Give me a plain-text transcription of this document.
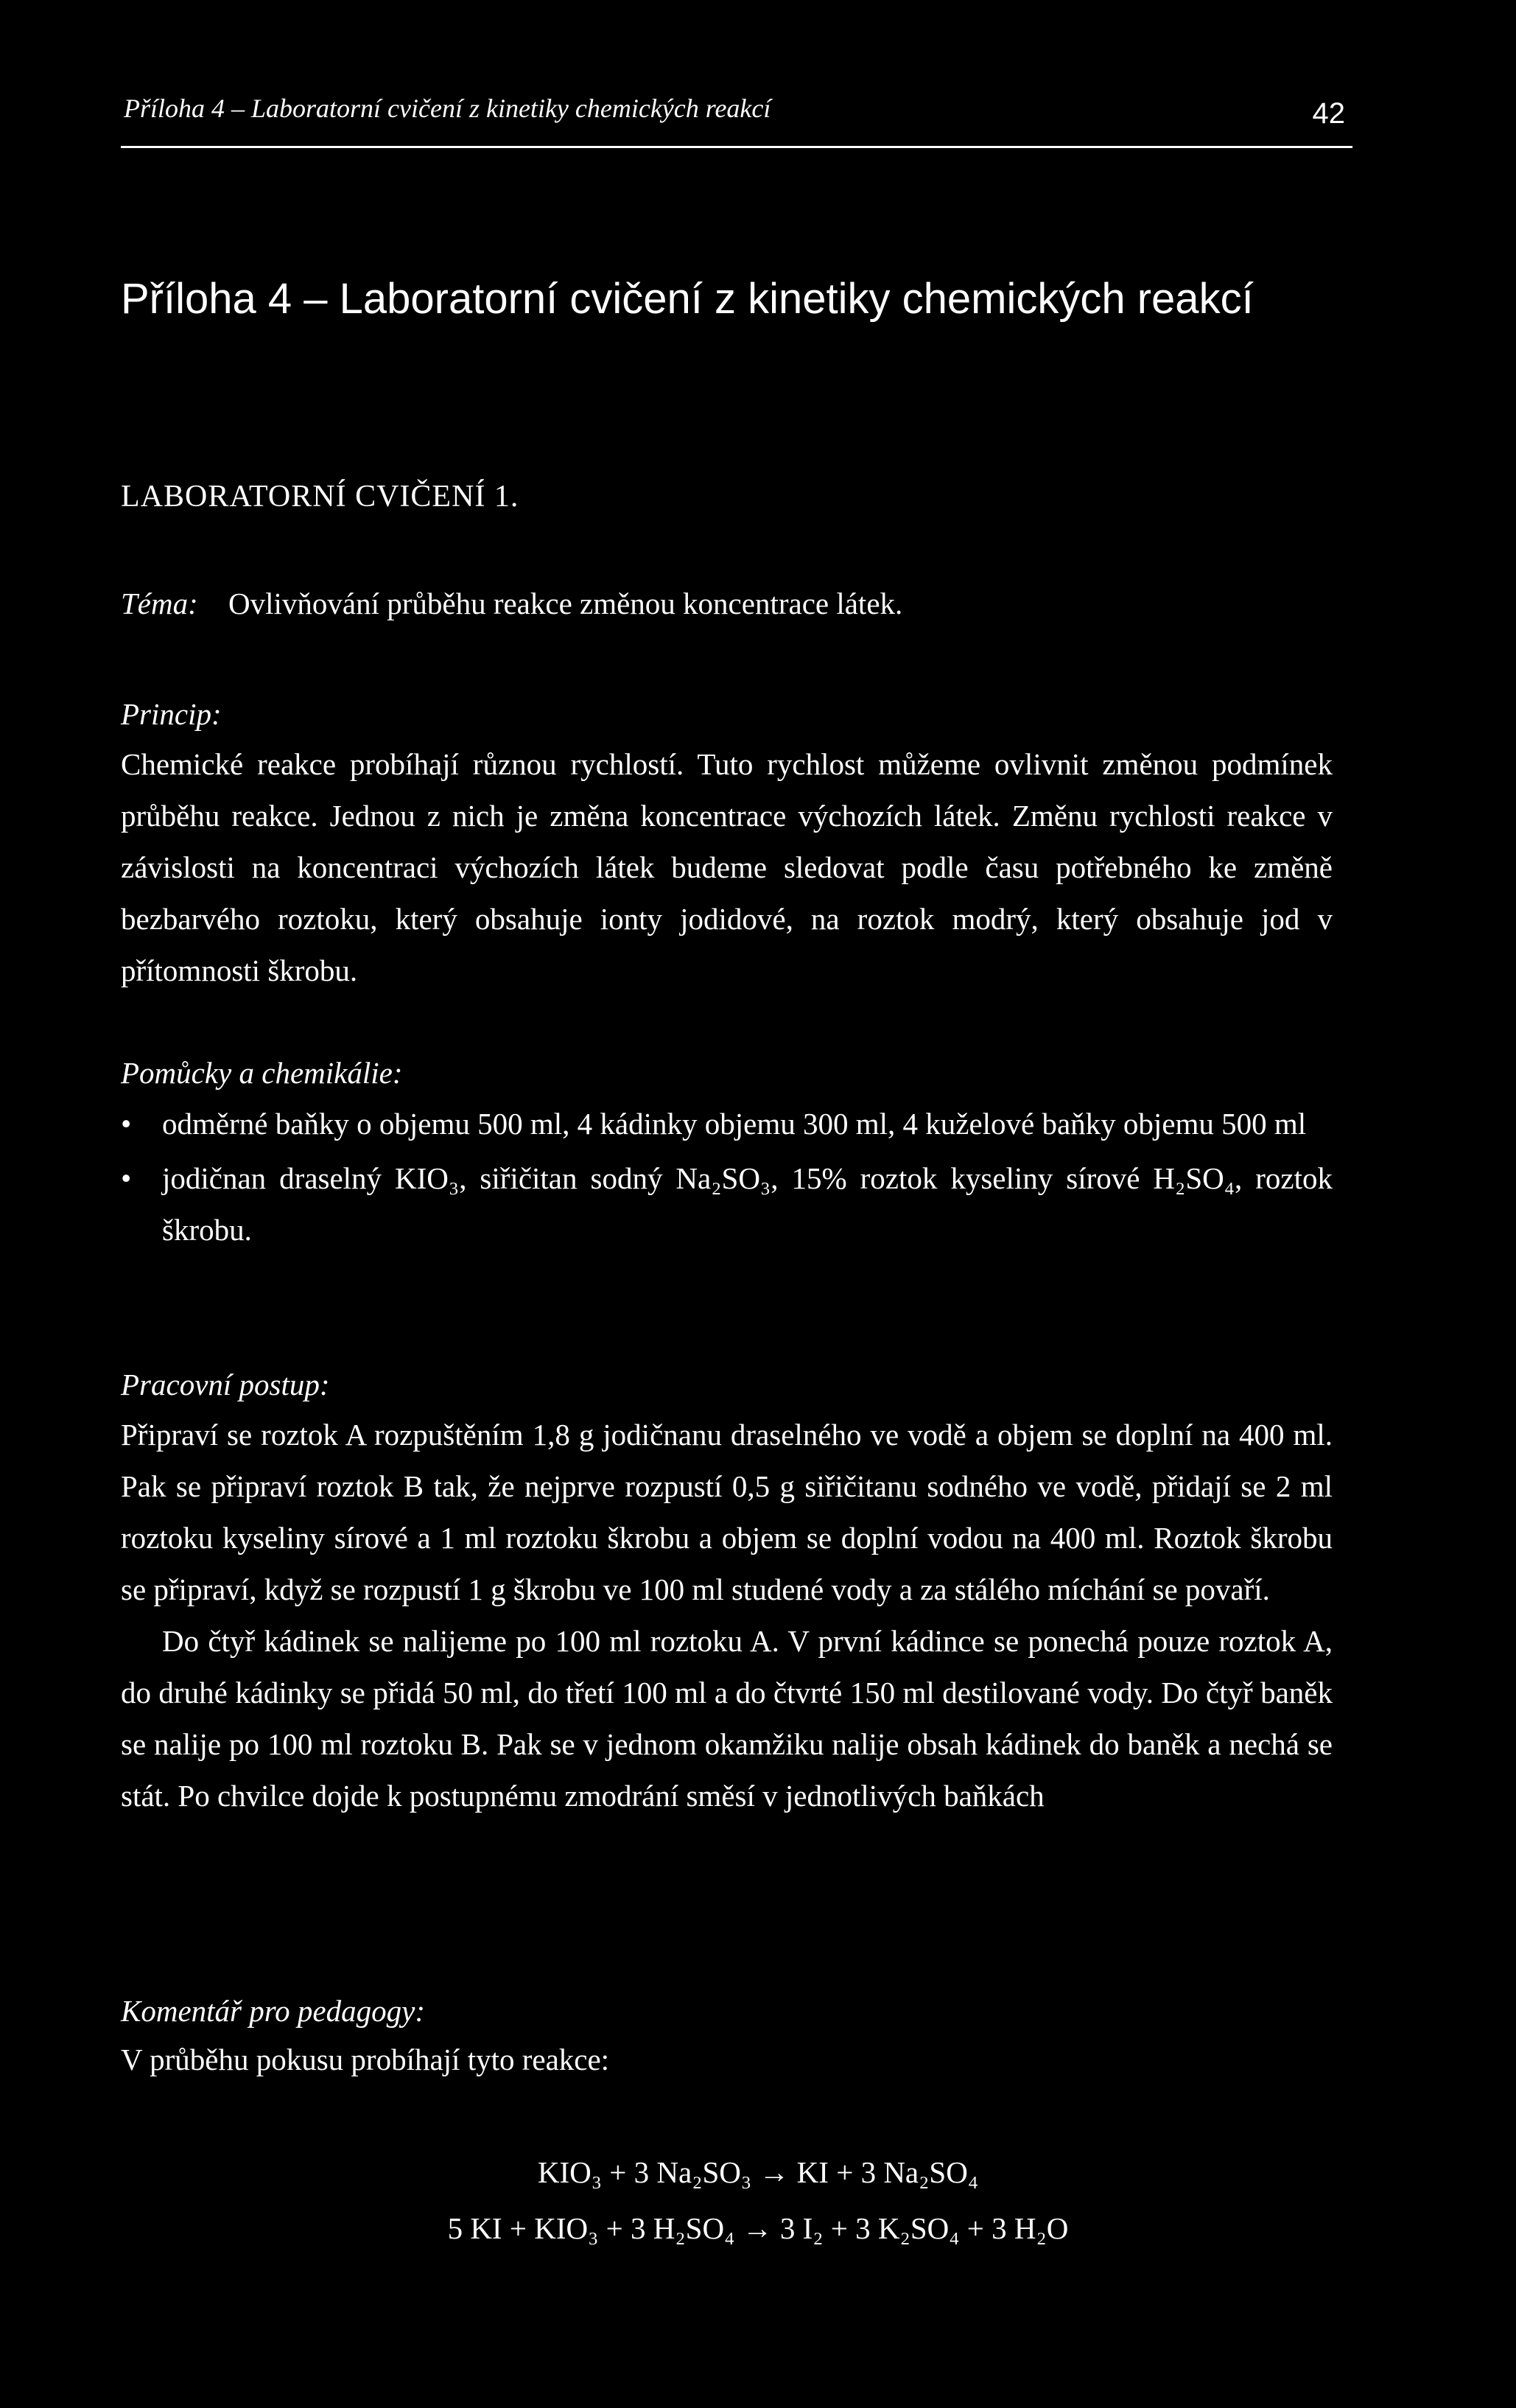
Příloha 4 – Laboratorní cvičení z kinetiky chemických reakcí	42
Příloha 4 – Laboratorní cvičení z kinetiky chemických reakcí
LABORATORNÍ CVIČENÍ 1.
Téma: Ovlivňování průběhu reakce změnou koncentrace látek.
Princip:

Chemické reakce probíhají různou rychlostí. Tuto rychlost můžeme ovlivnit změnou podmínek průběhu reakce. Jednou z nich je změna koncentrace výchozích látek. Změnu rychlosti reakce v závislosti na koncentraci výchozích látek budeme sledovat podle času potřebného ke změně bezbarvého roztoku, který obsahuje ionty jodidové, na roztok modrý, který obsahuje jod v přítomnosti škrobu.

Pomůcky a chemikálie:
• odměrné baňky o objemu 500 ml, 4 kádinky objemu 300 ml, 4 kuželové baňky objemu 500 ml
• jodičnan draselný KIO₃, siřičitan sodný Na₂SO₃, 15% roztok kyseliny sírové H₂SO₄, roztok škrobu.
Pracovní postup:

Připraví se roztok A rozpuštěním 1,8 g jodičnanu draselného ve vodě a objem se doplní na 400 ml. Pak se připraví roztok B tak, že nejprve rozpustí 0,5 g siřičitanu sodného ve vodě, přidají se 2 ml roztoku kyseliny sírové a 1 ml roztoku škrobu a objem se doplní vodou na 400 ml. Roztok škrobu se připraví, když se rozpustí 1 g škrobu ve 100 ml studené vody a za stálého míchání se povaří.

Do čtyř kádinek se nalijeme po 100 ml roztoku A. V první kádince se ponechá pouze roztok A, do druhé kádinky se přidá 50 ml, do třetí 100 ml a do čtvrté 150 ml destilované vody. Do čtyř baněk se nalije po 100 ml roztoku B. Pak se v jednom okamžiku nalije obsah kádinek do baněk a nechá se stát. Po chvilce dojde k postupnému zmodrání směsí v jednotlivých baňkách

Komentář pro pedagogy:

V průběhu pokusu probíhají tyto reakce:

KIO₃ + 3 Na₂SO₃ → KI + 3 Na₂SO₄
5 KI + KIO₃ + 3 H₂SO₄ → 3 I₂ + 3 K₂SO₄ + 3 H₂O
